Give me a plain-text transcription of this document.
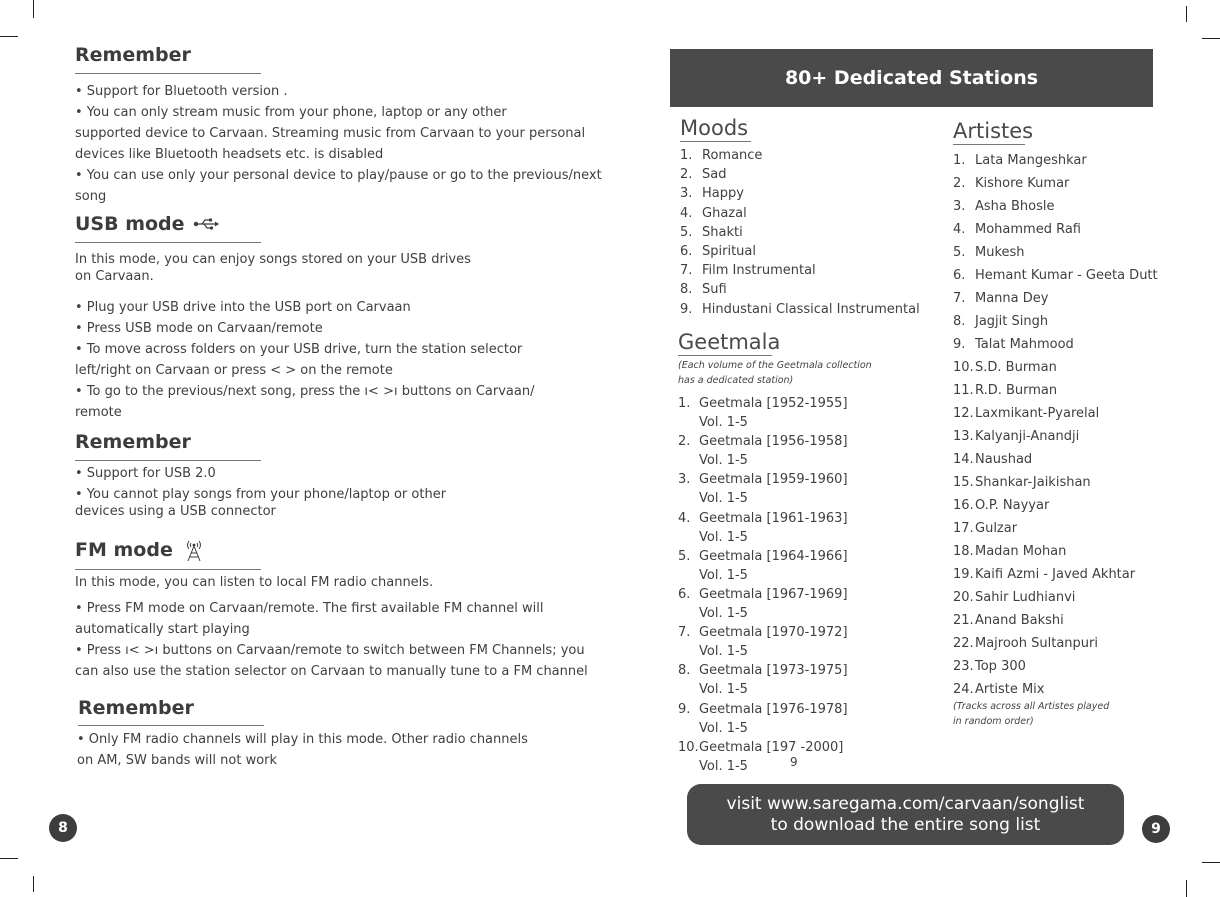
Remember
• Support for Bluetooth version .
• You can only stream music from your phone, laptop or any other
supported device to Carvaan. Streaming music from Carvaan to your personal
devices like Bluetooth headsets etc. is disabled
• You can use only your personal device to play/pause or go to the previous/next
song
USB mode
In this mode, you can enjoy songs stored on your USB drives
on Carvaan.
• Plug your USB drive into the USB port on Carvaan
• Press USB mode on Carvaan/remote
• To move across folders on your USB drive, turn the station selector
left/right on Carvaan or press < > on the remote
• To go to the previous/next song, press the ı< >ı buttons on Carvaan/
remote
Remember
• Support for USB 2.0
• You cannot play songs from your phone/laptop or other
devices using a USB connector
FM mode
In this mode, you can listen to local FM radio channels.
• Press FM mode on Carvaan/remote. The first available FM channel will
automatically start playing
• Press ı< >ı buttons on Carvaan/remote to switch between FM Channels; you
can also use the station selector on Carvaan to manually tune to a FM channel
Remember
• Only FM radio channels will play in this mode. Other radio channels
on AM, SW bands will not work
8
80+ Dedicated Stations
Moods
1. Romance
2. Sad
3. Happy
4. Ghazal
5. Shakti
6. Spiritual
7. Film Instrumental
8. Sufi
9. Hindustani Classical Instrumental
Geetmala
(Each volume of the Geetmala collection
has a dedicated station)
1. Geetmala [1952-1955]
Vol. 1-5
2. Geetmala [1956-1958]
Vol. 1-5
3. Geetmala [1959-1960]
Vol. 1-5
4. Geetmala [1961-1963]
Vol. 1-5
5. Geetmala [1964-1966]
Vol. 1-5
6. Geetmala [1967-1969]
Vol. 1-5
7. Geetmala [1970-1972]
Vol. 1-5
8. Geetmala [1973-1975]
Vol. 1-5
9. Geetmala [1976-1978]
Vol. 1-5
10.Geetmala [197 -2000]
Vol. 1-5	9
Artistes
1. Lata Mangeshkar
2. Kishore Kumar
3. Asha Bhosle
4. Mohammed Rafi
5. Mukesh
6. Hemant Kumar - Geeta Dutt
7. Manna Dey
8. Jagjit Singh
9. Talat Mahmood
10.S.D. Burman
11.R.D. Burman
12.Laxmikant-Pyarelal
13.Kalyanji-Anandji
14.Naushad
15.Shankar-Jaikishan
16.O.P. Nayyar
17.Gulzar
18.Madan Mohan
19.Kaifi Azmi - Javed Akhtar
20.Sahir Ludhianvi
21.Anand Bakshi
22.Majrooh Sultanpuri
23.Top 300
24.Artiste Mix
(Tracks across all Artistes played
in random order)
visit www.saregama.com/carvaan/songlist
to download the entire song list	9
